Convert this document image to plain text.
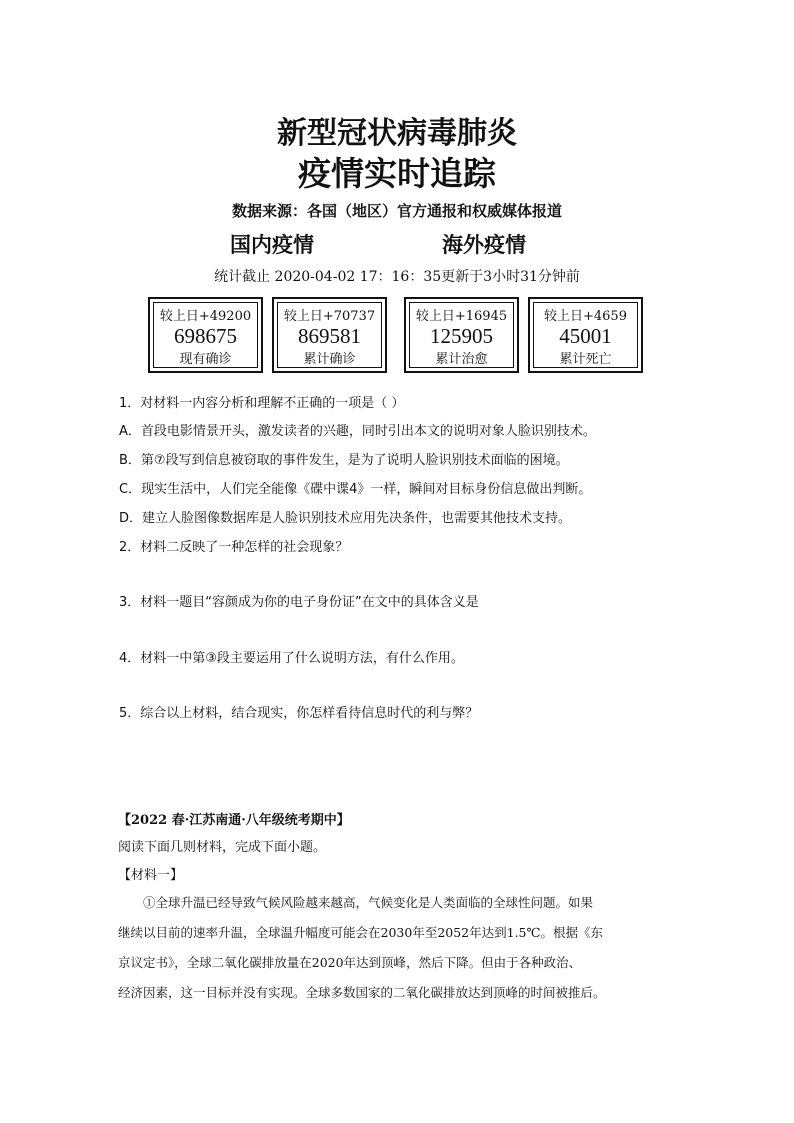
新型冠状病毒肺炎
疫情实时追踪
数据来源：各国（地区）官方通报和权威媒体报道
国内疫情	海外疫情
统计截止 2020-04-02 17：16：35更新于3小时31分钟前
较上日+49200
698675
现有确诊
较上日+70737
869581
累计确诊
较上日+16945
125905
累计治愈
较上日+4659
45001
累计死亡
1．对材料一内容分析和理解不正确的一项是（ ）
A．首段电影情景开头，激发读者的兴趣，同时引出本文的说明对象人脸识别技术。
B．第⑦段写到信息被窃取的事件发生，是为了说明人脸识别技术面临的困境。
C．现实生活中，人们完全能像《碟中谍4》一样，瞬间对目标身份信息做出判断。
D．建立人脸图像数据库是人脸识别技术应用先决条件，也需要其他技术支持。
2．材料二反映了一种怎样的社会现象？
3．材料一题目“容颜成为你的电子身份证”在文中的具体含义是
4．材料一中第③段主要运用了什么说明方法，有什么作用。
5．综合以上材料，结合现实，你怎样看待信息时代的利与弊？
【2022 春·江苏南通·八年级统考期中】
阅读下面几则材料，完成下面小题。
【材料一】
　　①全球升温已经导致气候风险越来越高，气候变化是人类面临的全球性问题。如果
继续以目前的速率升温，全球温升幅度可能会在2030年至2052年达到1.5℃。根据《东
京议定书》，全球二氧化碳排放量在2020年达到顶峰，然后下降。但由于各种政治、
经济因素，这一目标并没有实现。全球多数国家的二氧化碳排放达到顶峰的时间被推后。
